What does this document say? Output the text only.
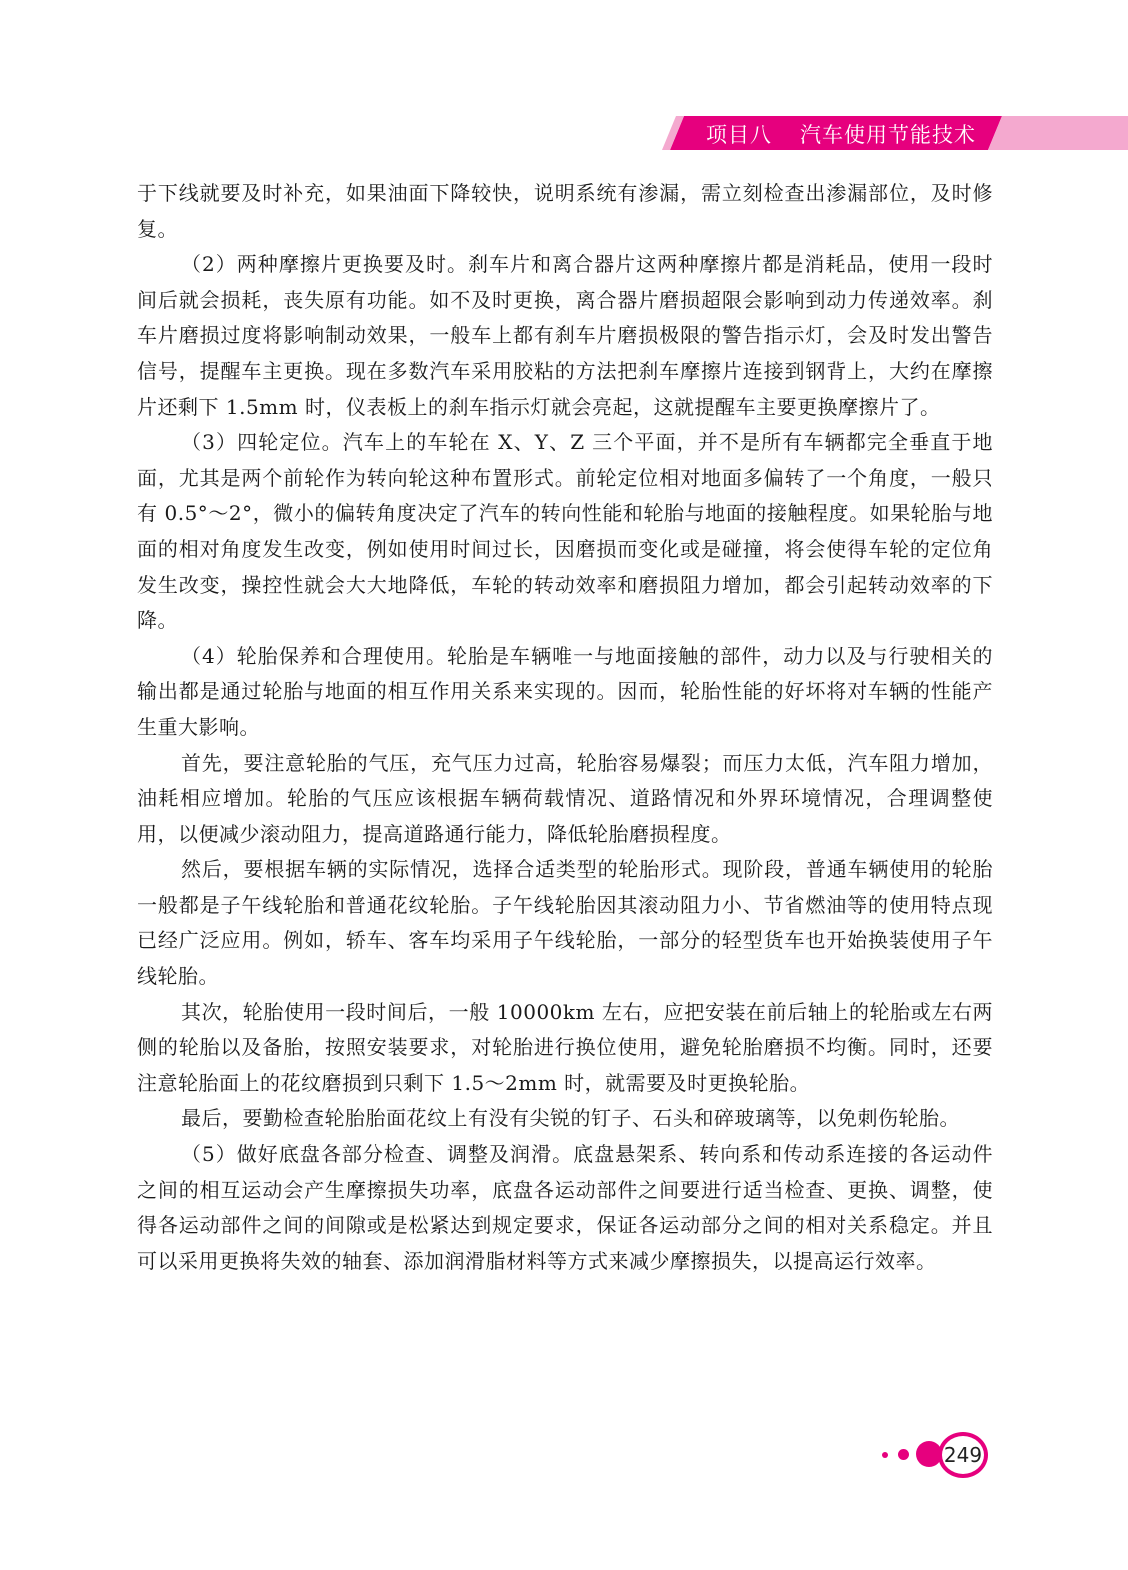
项目八 汽车使用节能技术

于下线就要及时补充，如果油面下降较快，说明系统有渗漏，需立刻检查出渗漏部位，及时修复。

（2）两种摩擦片更换要及时。刹车片和离合器片这两种摩擦片都是消耗品，使用一段时间后就会损耗，丧失原有功能。如不及时更换，离合器片磨损超限会影响到动力传递效率。刹车片磨损过度将影响制动效果，一般车上都有刹车片磨损极限的警告指示灯，会及时发出警告信号，提醒车主更换。现在多数汽车采用胶粘的方法把刹车摩擦片连接到钢背上，大约在摩擦片还剩下 1.5mm 时，仪表板上的刹车指示灯就会亮起，这就提醒车主要更换摩擦片了。

（3）四轮定位。汽车上的车轮在 X、Y、Z 三个平面，并不是所有车辆都完全垂直于地面，尤其是两个前轮作为转向轮这种布置形式。前轮定位相对地面多偏转了一个角度，一般只有 0.5°～2°，微小的偏转角度决定了汽车的转向性能和轮胎与地面的接触程度。如果轮胎与地面的相对角度发生改变，例如使用时间过长，因磨损而变化或是碰撞，将会使得车轮的定位角发生改变，操控性就会大大地降低，车轮的转动效率和磨损阻力增加，都会引起转动效率的下降。

（4）轮胎保养和合理使用。轮胎是车辆唯一与地面接触的部件，动力以及与行驶相关的输出都是通过轮胎与地面的相互作用关系来实现的。因而，轮胎性能的好坏将对车辆的性能产生重大影响。

首先，要注意轮胎的气压，充气压力过高，轮胎容易爆裂；而压力太低，汽车阻力增加，油耗相应增加。轮胎的气压应该根据车辆荷载情况、道路情况和外界环境情况，合理调整使用，以便减少滚动阻力，提高道路通行能力，降低轮胎磨损程度。

然后，要根据车辆的实际情况，选择合适类型的轮胎形式。现阶段，普通车辆使用的轮胎一般都是子午线轮胎和普通花纹轮胎。子午线轮胎因其滚动阻力小、节省燃油等的使用特点现已经广泛应用。例如，轿车、客车均采用子午线轮胎，一部分的轻型货车也开始换装使用子午线轮胎。

其次，轮胎使用一段时间后，一般 10000km 左右，应把安装在前后轴上的轮胎或左右两侧的轮胎以及备胎，按照安装要求，对轮胎进行换位使用，避免轮胎磨损不均衡。同时，还要注意轮胎面上的花纹磨损到只剩下 1.5～2mm 时，就需要及时更换轮胎。

最后，要勤检查轮胎胎面花纹上有没有尖锐的钉子、石头和碎玻璃等，以免刺伤轮胎。

（5）做好底盘各部分检查、调整及润滑。底盘悬架系、转向系和传动系连接的各运动件之间的相互运动会产生摩擦损失功率，底盘各运动部件之间要进行适当检查、更换、调整，使得各运动部件之间的间隙或是松紧达到规定要求，保证各运动部分之间的相对关系稳定。并且可以采用更换将失效的轴套、添加润滑脂材料等方式来减少摩擦损失，以提高运行效率。

249
